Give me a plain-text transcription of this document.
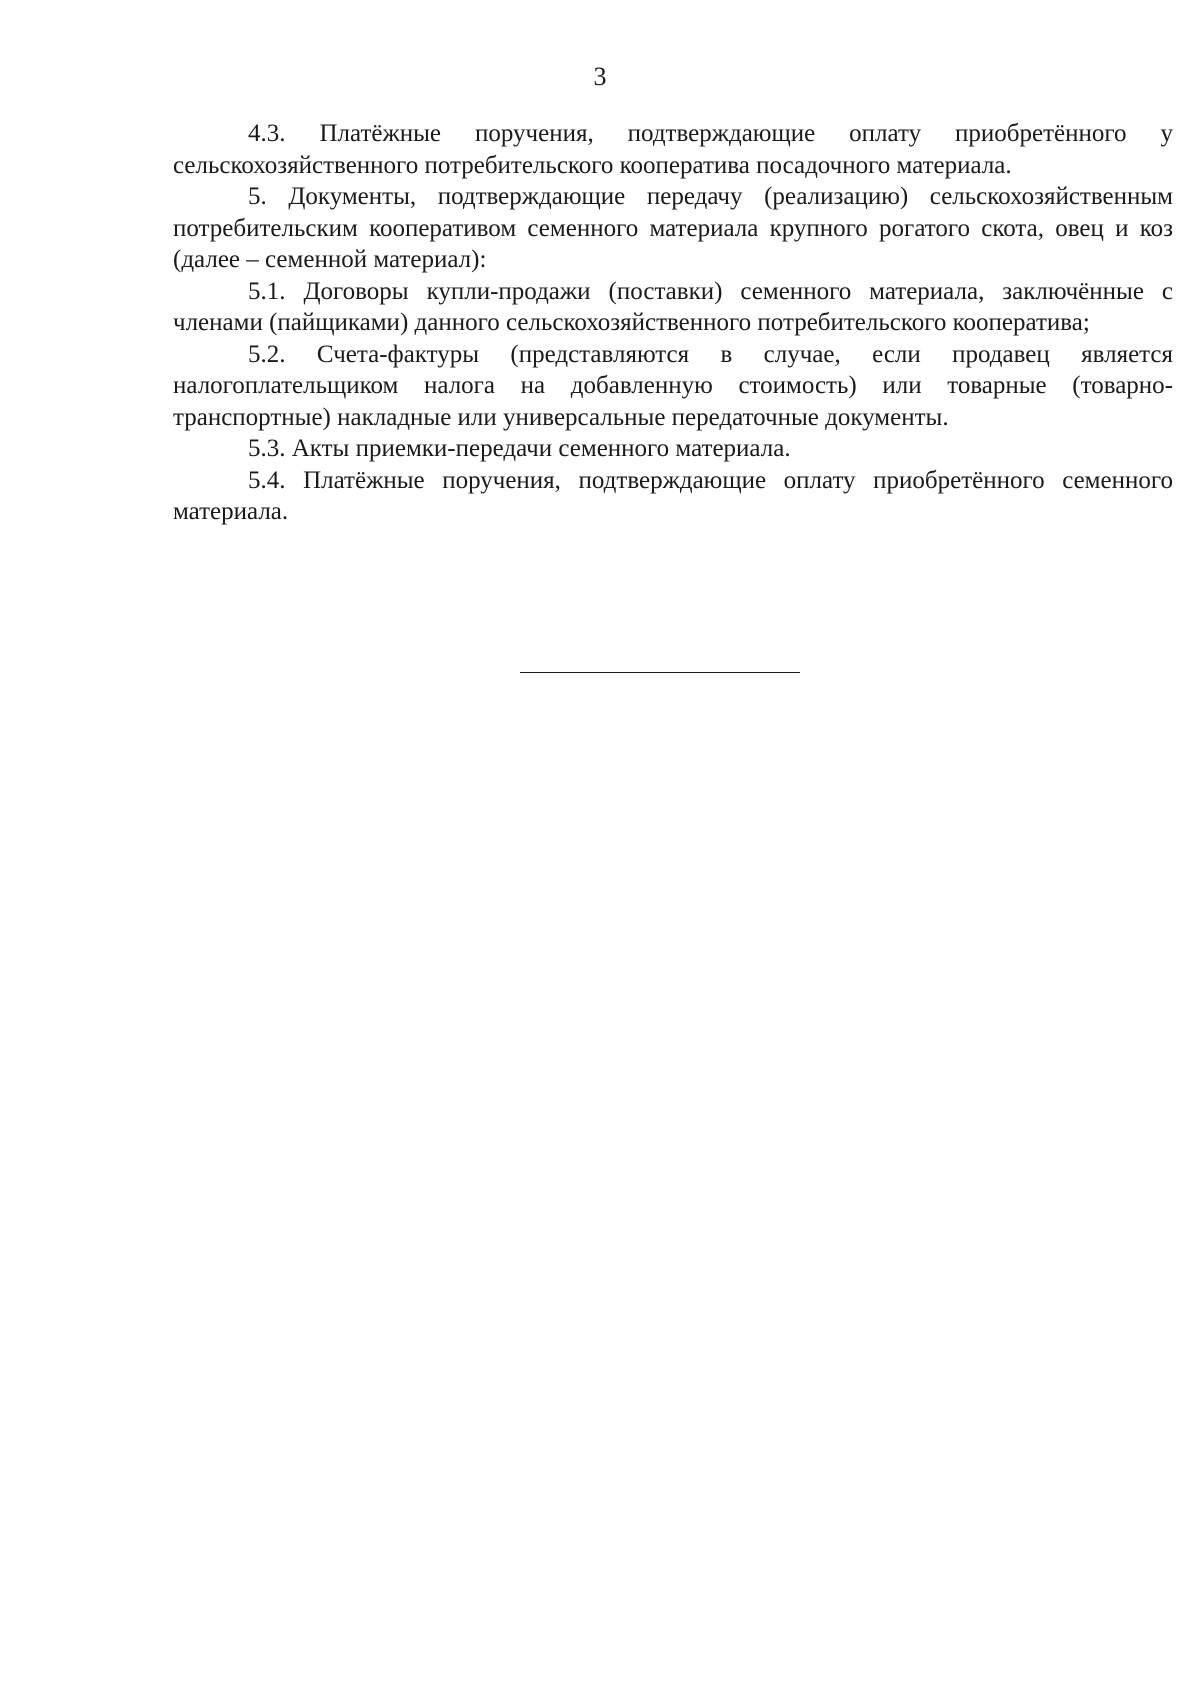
3

4.3. Платёжные поручения, подтверждающие оплату приобретённого у сельскохозяйственного потребительского кооператива посадочного материала.

5. Документы, подтверждающие передачу (реализацию) сельскохозяйственным потребительским кооперативом семенного материала крупного рогатого скота, овец и коз (далее – семенной материал):

5.1. Договоры купли-продажи (поставки) семенного материала, заключённые с членами (пайщиками) данного сельскохозяйственного потребительского кооператива;

5.2. Счета-фактуры (представляются в случае, если продавец является налогоплательщиком налога на добавленную стоимость) или товарные (товарно-транспортные) накладные или универсальные передаточные документы.

5.3. Акты приемки-передачи семенного материала.

5.4. Платёжные поручения, подтверждающие оплату приобретённого семенного материала.
